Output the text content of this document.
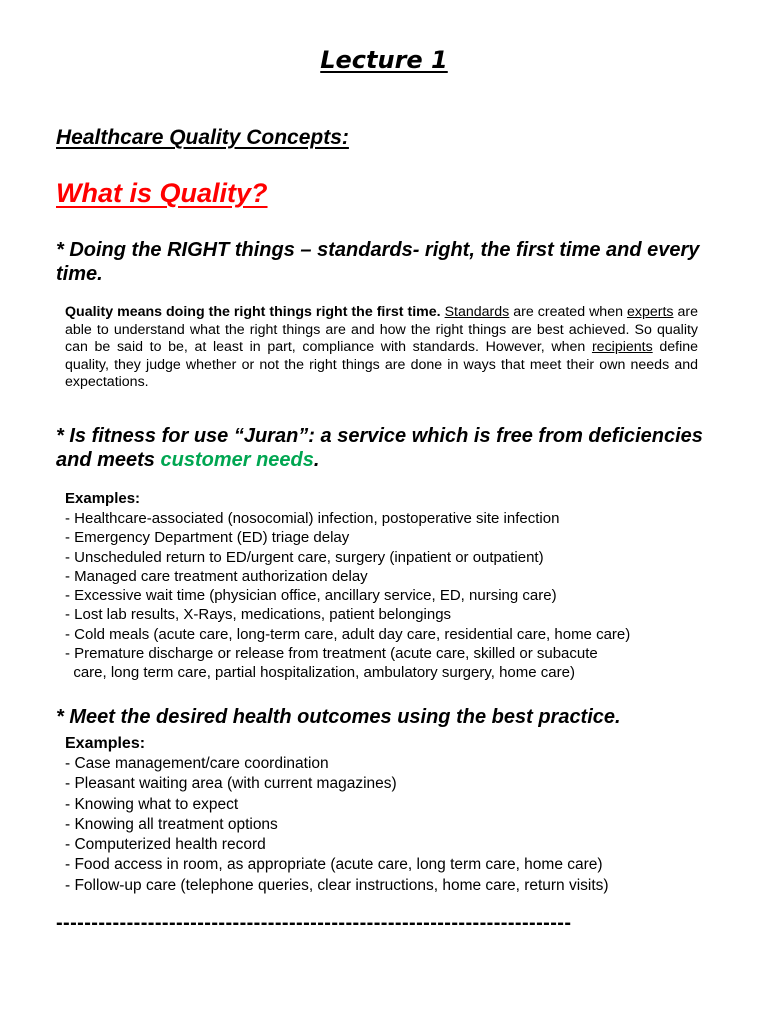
Lecture 1
Healthcare Quality Concepts:
What is Quality?
* Doing the RIGHT things – standards- right, the first time and every time.
Quality means doing the right things right the first time. Standards are created when experts are able to understand what the right things are and how the right things are best achieved. So quality can be said to be, at least in part, compliance with standards. However, when recipients define quality, they judge whether or not the right things are done in ways that meet their own needs and expectations.
* Is fitness for use “Juran”: a service which is free from deficiencies and meets customer needs.
Examples:
- Healthcare-associated (nosocomial) infection, postoperative site infection
- Emergency Department (ED) triage delay
- Unscheduled return to ED/urgent care, surgery (inpatient or outpatient)
- Managed care treatment authorization delay
- Excessive wait time (physician office, ancillary service, ED, nursing care)
- Lost lab results, X-Rays, medications, patient belongings
- Cold meals (acute care, long-term care, adult day care, residential care, home care)
- Premature discharge or release from treatment (acute care, skilled or subacute
care, long term care, partial hospitalization, ambulatory surgery, home care)
* Meet the desired health outcomes using the best practice.
Examples:
- Case management/care coordination
- Pleasant waiting area (with current magazines)
- Knowing what to expect
- Knowing all treatment options
- Computerized health record
- Food access in room, as appropriate (acute care, long term care, home care)
- Follow-up care (telephone queries, clear instructions, home care, return visits)
-------------------------------------------------------------------------
